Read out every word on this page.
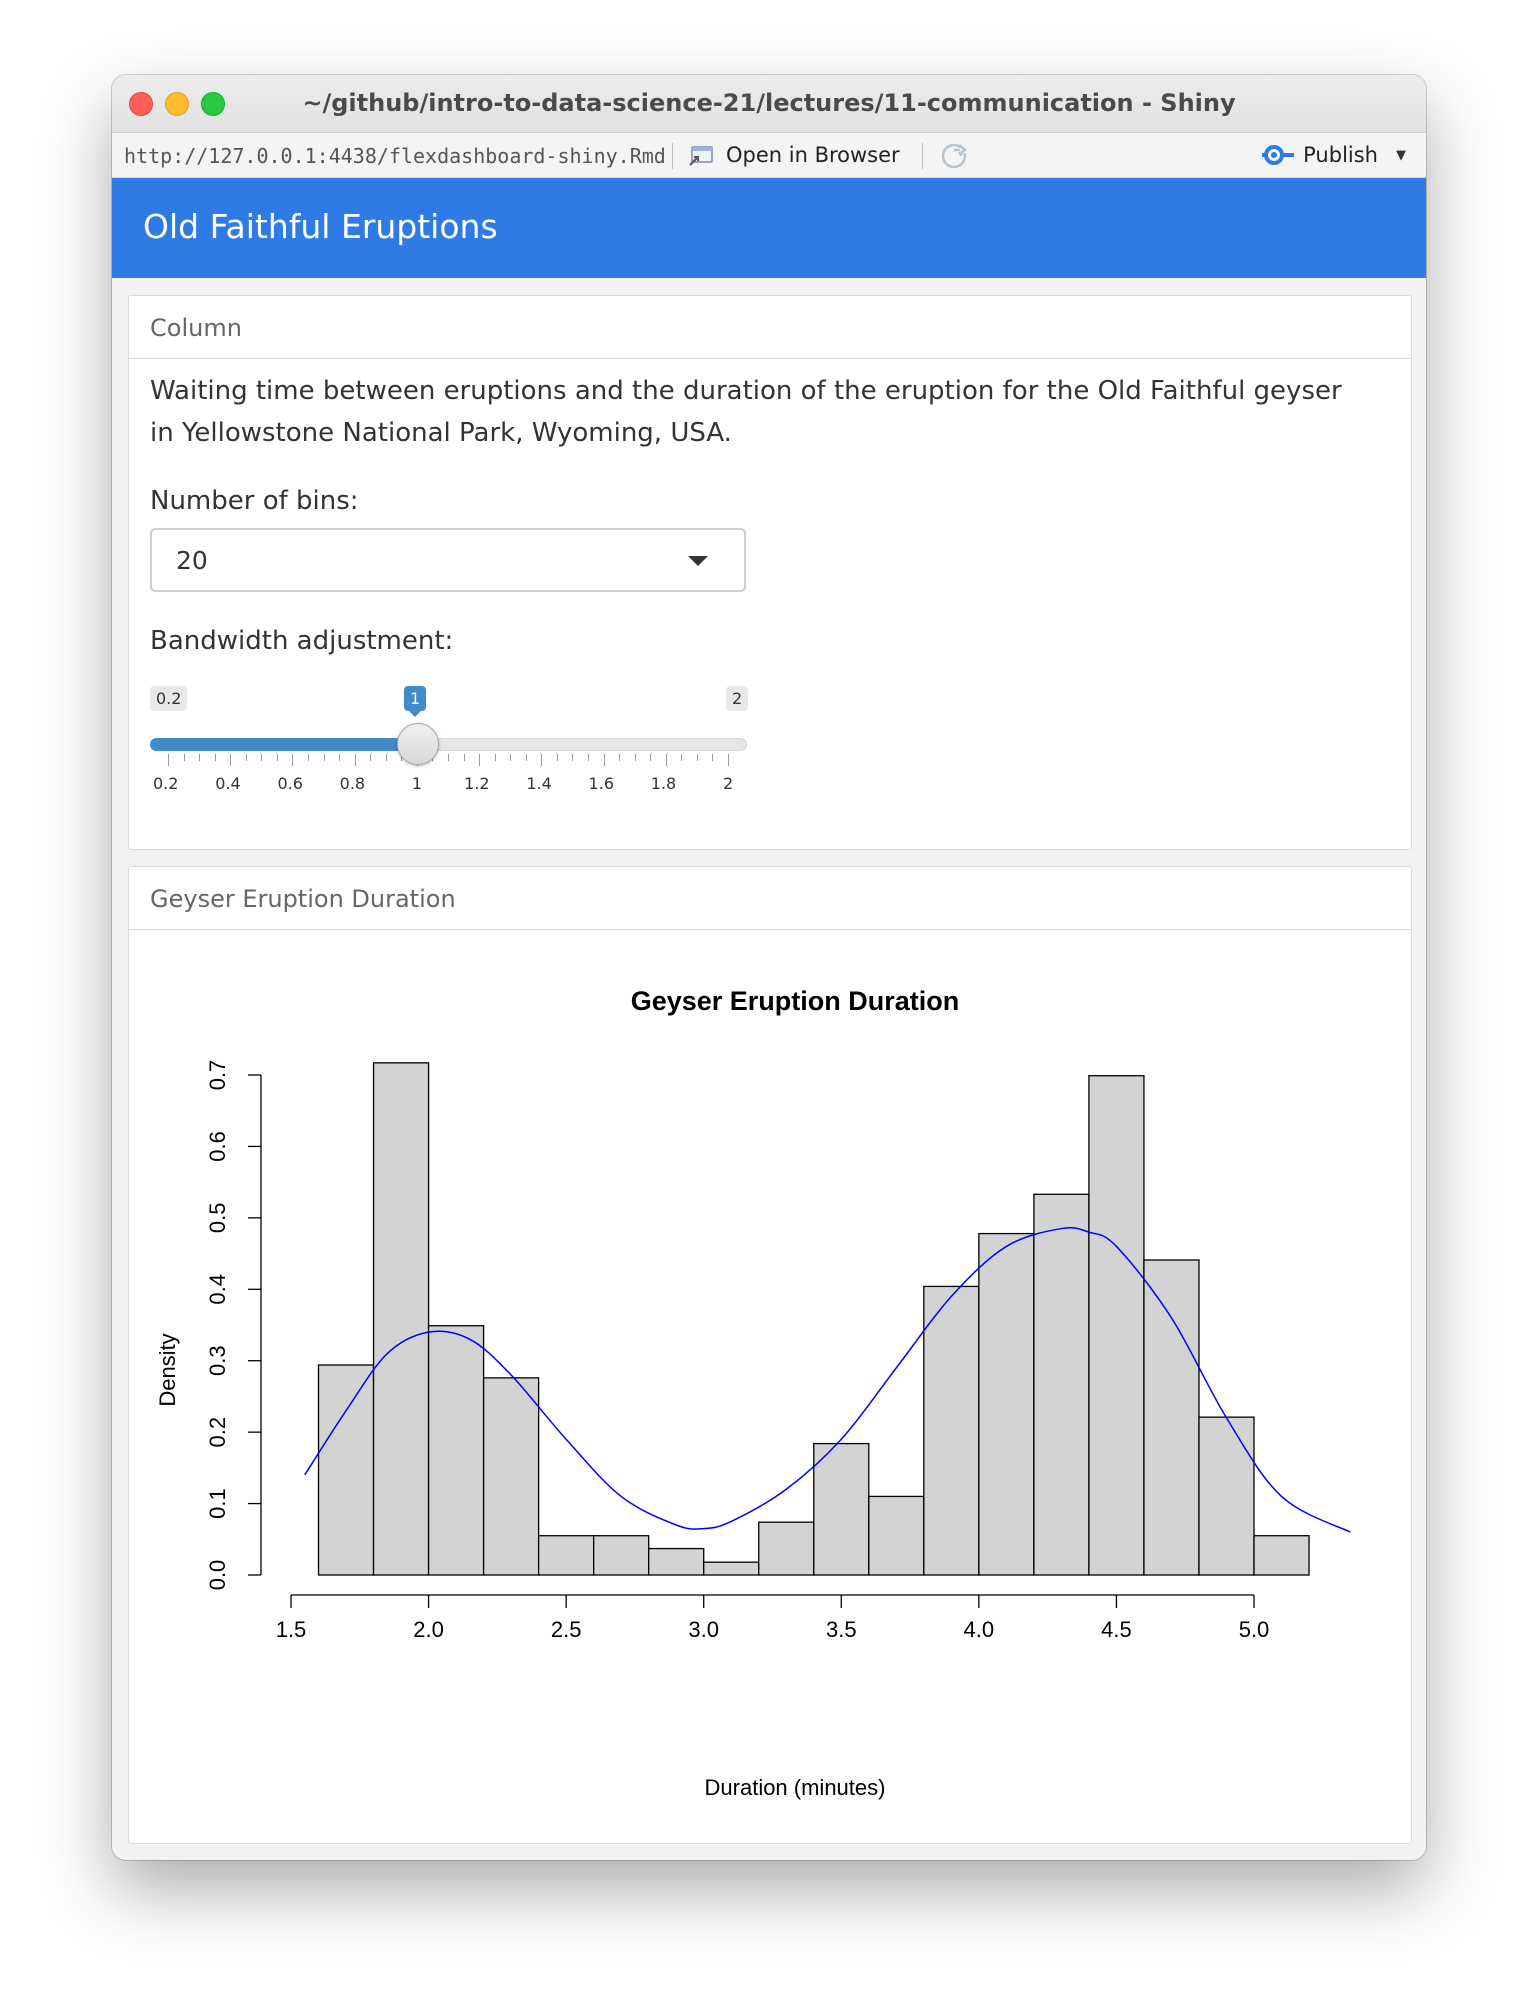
~/github/intro-to-data-science-21/lectures/11-communication - Shiny
http://127.0.0.1:4438/flexdashboard-shiny.Rmd	Open in Browser	Publish ▼
Old Faithful Eruptions
Column
Waiting time between eruptions and the duration of the eruption for the Old Faithful geyser in Yellowstone National Park, Wyoming, USA.
Number of bins:
20
Bandwidth adjustment:
0.2	2
1
0.2 0.4 0.6 0.8	1	1.2 1.4 1.6 1.8	2
Geyser Eruption Duration
Geyser Eruption Duration
Duration (minutes)
Density
1.5	2.0	2.5	3.0	3.5	4.0	4.5	5.0
0.0
0.1
0.2
0.3
0.4
0.5
0.6
0.7
